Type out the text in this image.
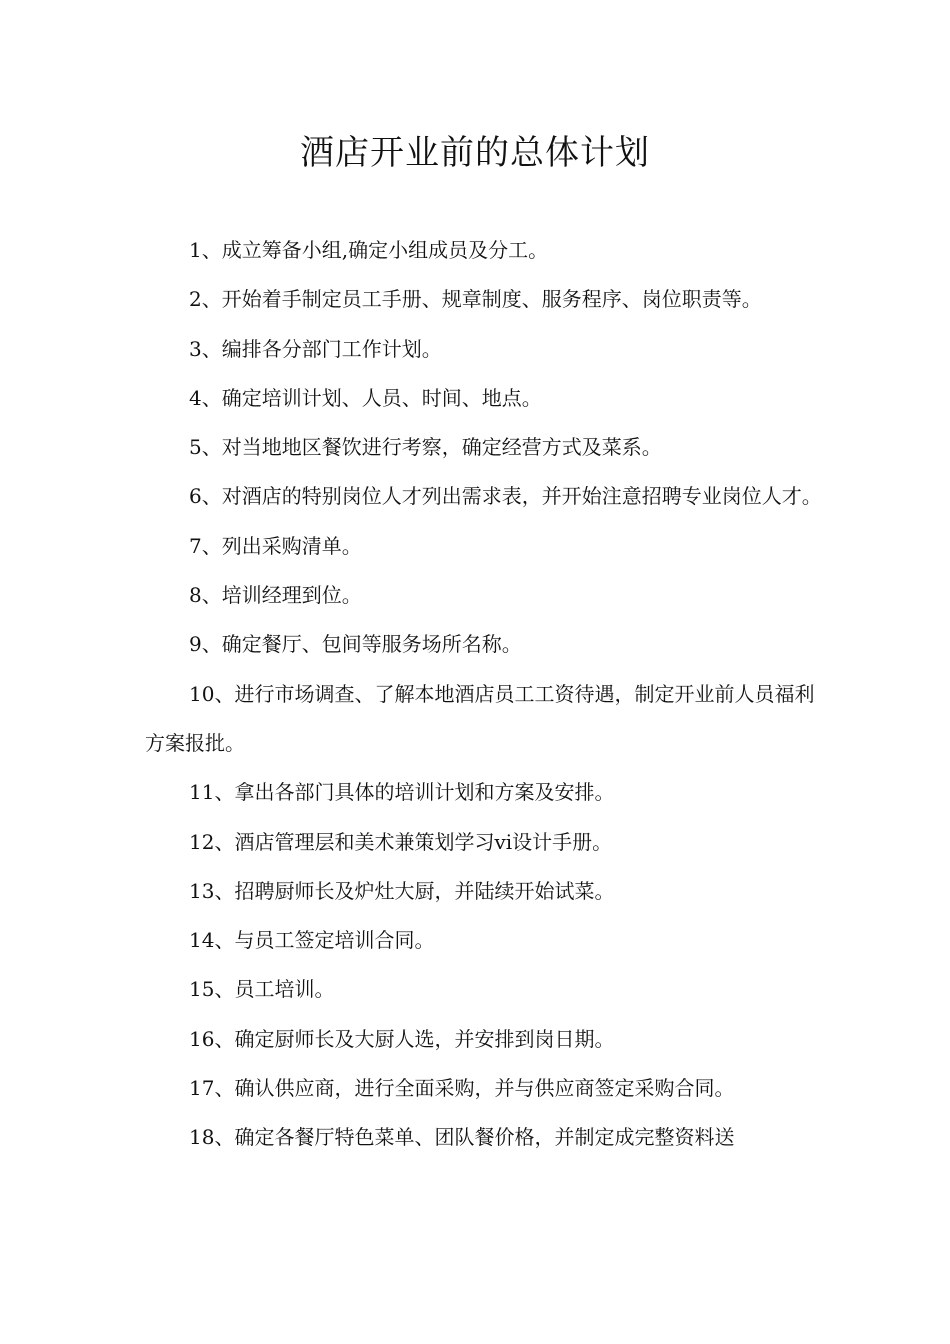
酒店开业前的总体计划

1、成立筹备小组,确定小组成员及分工。

2、开始着手制定员工手册、规章制度、服务程序、岗位职责等。

3、编排各分部门工作计划。

4、确定培训计划、人员、时间、地点。

5、对当地地区餐饮进行考察，确定经营方式及菜系。

6、对酒店的特别岗位人才列出需求表，并开始注意招聘专业岗位人才。

7、列出采购清单。

8、培训经理到位。

9、确定餐厅、包间等服务场所名称。

10、进行市场调查、了解本地酒店员工工资待遇，制定开业前人员福利方案报批。

11、拿出各部门具体的培训计划和方案及安排。

12、酒店管理层和美术兼策划学习vi设计手册。

13、招聘厨师长及炉灶大厨，并陆续开始试菜。

14、与员工签定培训合同。

15、员工培训。

16、确定厨师长及大厨人选，并安排到岗日期。

17、确认供应商，进行全面采购，并与供应商签定采购合同。

18、确定各餐厅特色菜单、团队餐价格，并制定成完整资料送
